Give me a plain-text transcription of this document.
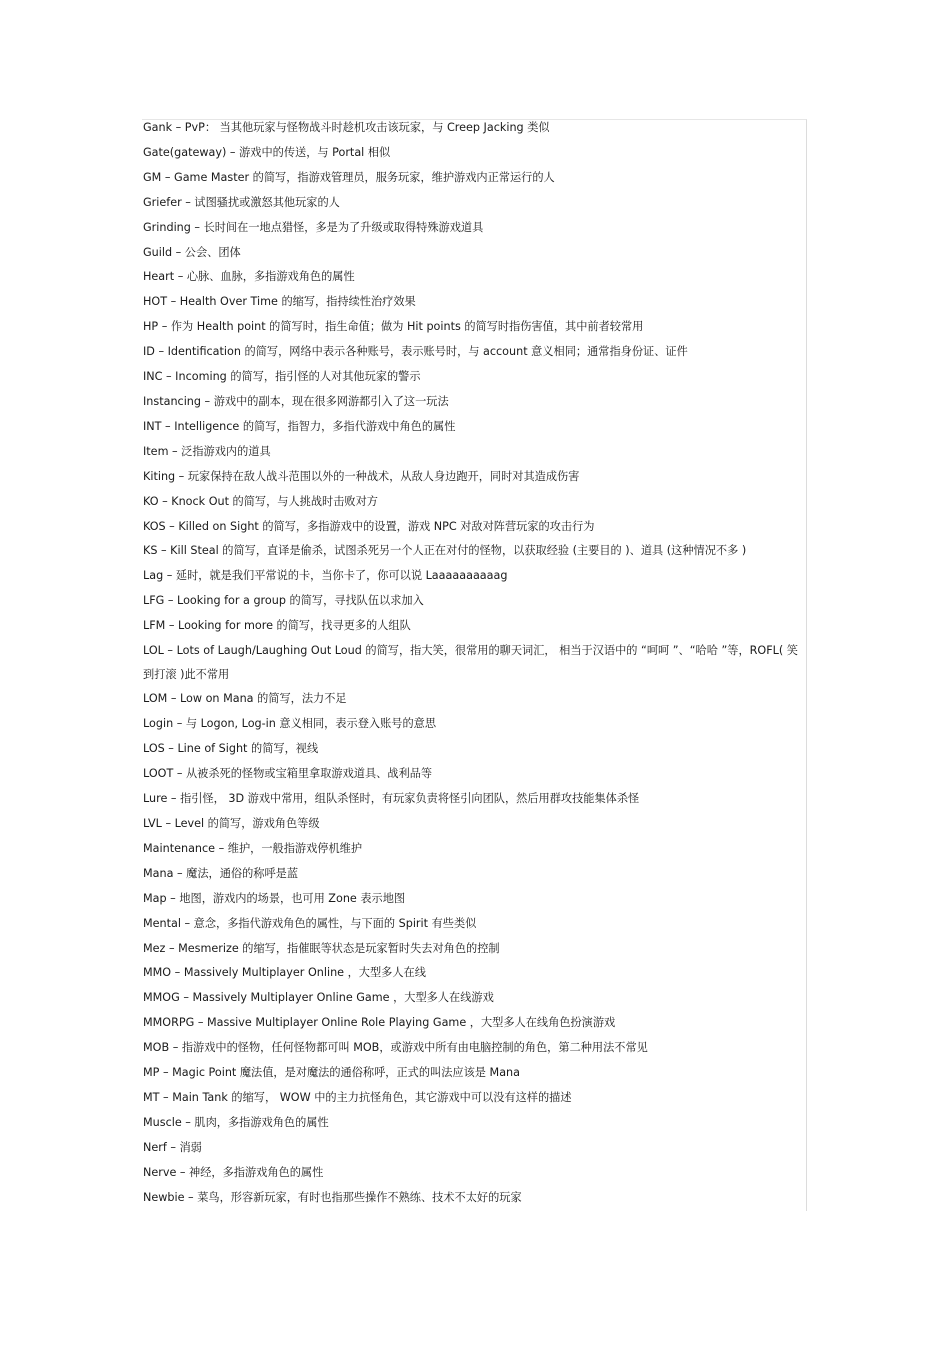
Gank – PvP： 当其他玩家与怪物战斗时趁机攻击该玩家，与 Creep Jacking 类似
Gate(gateway) – 游戏中的传送，与 Portal 相似
GM – Game Master 的简写，指游戏管理员，服务玩家，维护游戏内正常运行的人
Griefer – 试图骚扰或激怒其他玩家的人
Grinding – 长时间在一地点猎怪，多是为了升级或取得特殊游戏道具
Guild – 公会、团体
Heart – 心脉、血脉，多指游戏角色的属性
HOT – Health Over Time 的缩写，指持续性治疗效果
HP – 作为 Health point 的简写时，指生命值；做为 Hit points 的简写时指伤害值，其中前者较常用
ID – Identification 的简写，网络中表示各种账号，表示账号时，与 account 意义相同；通常指身份证、证件
INC – Incoming 的简写，指引怪的人对其他玩家的警示
Instancing – 游戏中的副本，现在很多网游都引入了这一玩法
INT – Intelligence 的简写，指智力，多指代游戏中角色的属性
Item – 泛指游戏内的道具
Kiting – 玩家保持在敌人战斗范围以外的一种战术，从敌人身边跑开，同时对其造成伤害
KO – Knock Out 的简写，与人挑战时击败对方
KOS – Killed on Sight 的简写，多指游戏中的设置，游戏 NPC 对敌对阵营玩家的攻击行为
KS – Kill Steal 的简写，直译是偷杀，试图杀死另一个人正在对付的怪物，以获取经验 (主要目的 )、道具 (这种情况不多 )
Lag – 延时，就是我们平常说的卡，当你卡了，你可以说 Laaaaaaaaaag
LFG – Looking for a group 的简写，寻找队伍以求加入
LFM – Looking for more 的简写，找寻更多的人组队
LOL – Lots of Laugh/Laughing Out Loud 的简写，指大笑，很常用的聊天词汇， 相当于汉语中的 “呵呵 ”、“哈哈 ”等，ROFL( 笑到打滚 )此不常用
LOM – Low on Mana 的简写，法力不足
Login – 与 Logon, Log-in 意义相同，表示登入账号的意思
LOS – Line of Sight 的简写，视线
LOOT – 从被杀死的怪物或宝箱里拿取游戏道具、战利品等
Lure – 指引怪， 3D 游戏中常用，组队杀怪时，有玩家负责将怪引向团队，然后用群攻技能集体杀怪
LVL – Level 的简写，游戏角色等级
Maintenance – 维护，一般指游戏停机维护
Mana – 魔法，通俗的称呼是蓝
Map – 地图，游戏内的场景，也可用 Zone 表示地图
Mental – 意念，多指代游戏角色的属性，与下面的 Spirit 有些类似
Mez – Mesmerize 的缩写，指催眠等状态是玩家暂时失去对角色的控制
MMO – Massively Multiplayer Online ，大型多人在线
MMOG – Massively Multiplayer Online Game ，大型多人在线游戏
MMORPG – Massive Multiplayer Online Role Playing Game ，大型多人在线角色扮演游戏
MOB – 指游戏中的怪物，任何怪物都可叫 MOB，或游戏中所有由电脑控制的角色，第二种用法不常见
MP – Magic Point 魔法值，是对魔法的通俗称呼，正式的叫法应该是 Mana
MT – Main Tank 的缩写， WOW 中的主力抗怪角色，其它游戏中可以没有这样的描述
Muscle – 肌肉，多指游戏角色的属性
Nerf – 消弱
Nerve – 神经，多指游戏角色的属性
Newbie – 菜鸟，形容新玩家，有时也指那些操作不熟练、技术不太好的玩家
